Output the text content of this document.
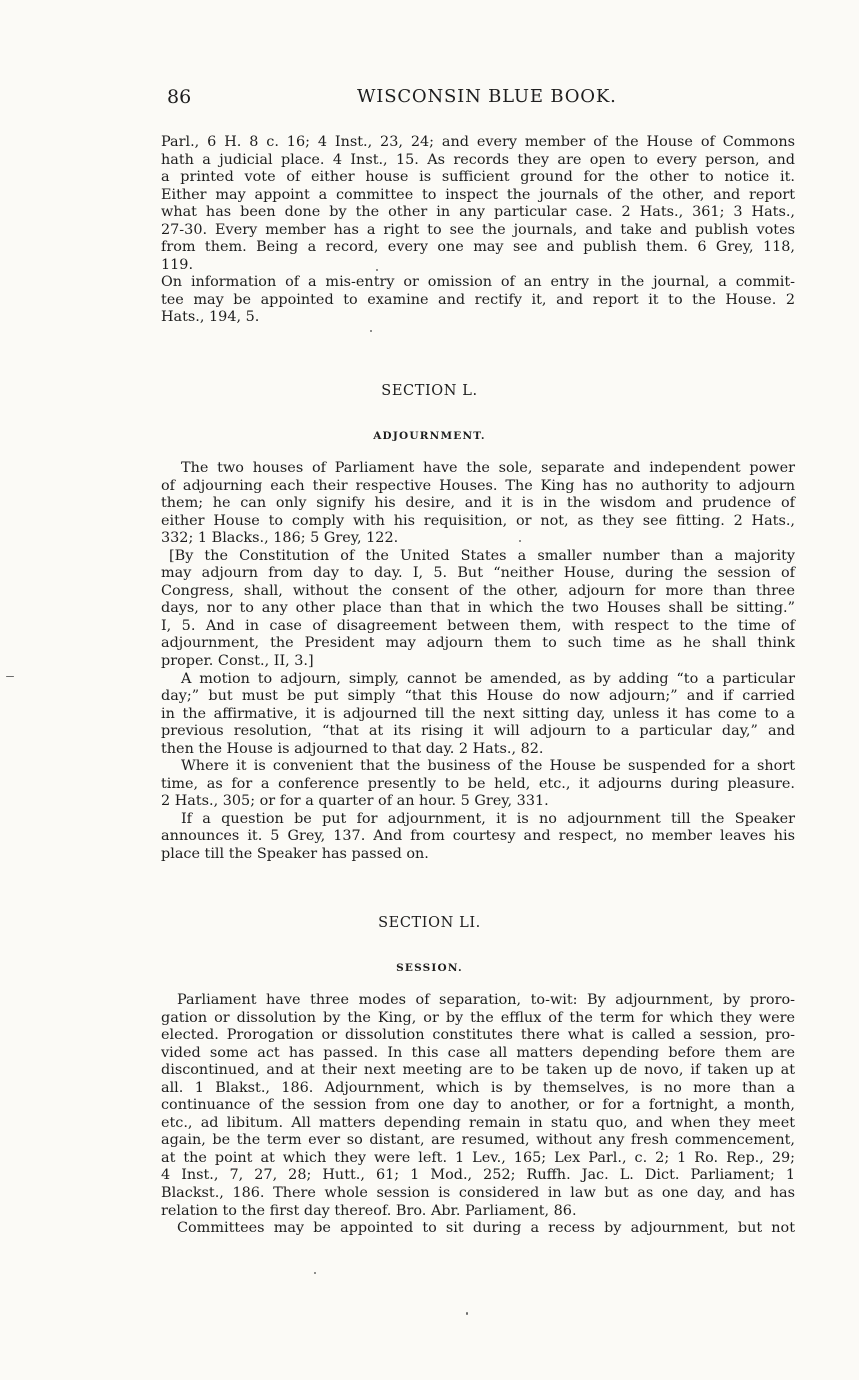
86	WISCONSIN BLUE BOOK.

Parl., 6 H. 8 c. 16; 4 Inst., 23, 24; and every member of the House of Commons
hath a judicial place. 4 Inst., 15. As records they are open to every person, and
a printed vote of either house is sufficient ground for the other to notice it.
Either may appoint a committee to inspect the journals of the other, and report
what has been done by the other in any particular case. 2 Hats., 361; 3 Hats.,
27-30. Every member has a right to see the journals, and take and publish votes
from them. Being a record, every one may see and publish them. 6 Grey, 118,
119.

On information of a mis-entry or omission of an entry in the journal, a commit-
tee may be appointed to examine and rectify it, and report it to the House. 2
Hats., 194, 5.

SECTION L.
ADJOURNMENT.

The two houses of Parliament have the sole, separate and independent power
of adjourning each their respective Houses. The King has no authority to adjourn
them; he can only signify his desire, and it is in the wisdom and prudence of
either House to comply with his requisition, or not, as they see fitting. 2 Hats.,
332; 1 Blacks., 186; 5 Grey, 122.

[By the Constitution of the United States a smaller number than a majority
may adjourn from day to day. I, 5. But “neither House, during the session of
Congress, shall, without the consent of the other, adjourn for more than three
days, nor to any other place than that in which the two Houses shall be sitting.”
I, 5. And in case of disagreement between them, with respect to the time of
adjournment, the President may adjourn them to such time as he shall think
proper. Const., II, 3.]

A motion to adjourn, simply, cannot be amended, as by adding “to a particular
day;” but must be put simply “that this House do now adjourn;” and if carried
in the affirmative, it is adjourned till the next sitting day, unless it has come to a
previous resolution, “that at its rising it will adjourn to a particular day,” and
then the House is adjourned to that day. 2 Hats., 82.

Where it is convenient that the business of the House be suspended for a short
time, as for a conference presently to be held, etc., it adjourns during pleasure.
2 Hats., 305; or for a quarter of an hour. 5 Grey, 331.

If a question be put for adjournment, it is no adjournment till the Speaker
announces it. 5 Grey, 137. And from courtesy and respect, no member leaves his
place till the Speaker has passed on.

SECTION LI.
SESSION.

Parliament have three modes of separation, to-wit: By adjournment, by proro-
gation or dissolution by the King, or by the efflux of the term for which they were
elected. Prorogation or dissolution constitutes there what is called a session, pro-
vided some act has passed. In this case all matters depending before them are
discontinued, and at their next meeting are to be taken up de novo, if taken up at
all. 1 Blakst., 186. Adjournment, which is by themselves, is no more than a
continuance of the session from one day to another, or for a fortnight, a month,
etc., ad libitum. All matters depending remain in statu quo, and when they meet
again, be the term ever so distant, are resumed, without any fresh commencement,
at the point at which they were left. 1 Lev., 165; Lex Parl., c. 2; 1 Ro. Rep., 29;
4 Inst., 7, 27, 28; Hutt., 61; 1 Mod., 252; Ruffh. Jac. L. Dict. Parliament; 1
Blackst., 186. There whole session is considered in law but as one day, and has
relation to the first day thereof. Bro. Abr. Parliament, 86.

Committees may be appointed to sit during a recess by adjournment, but not
